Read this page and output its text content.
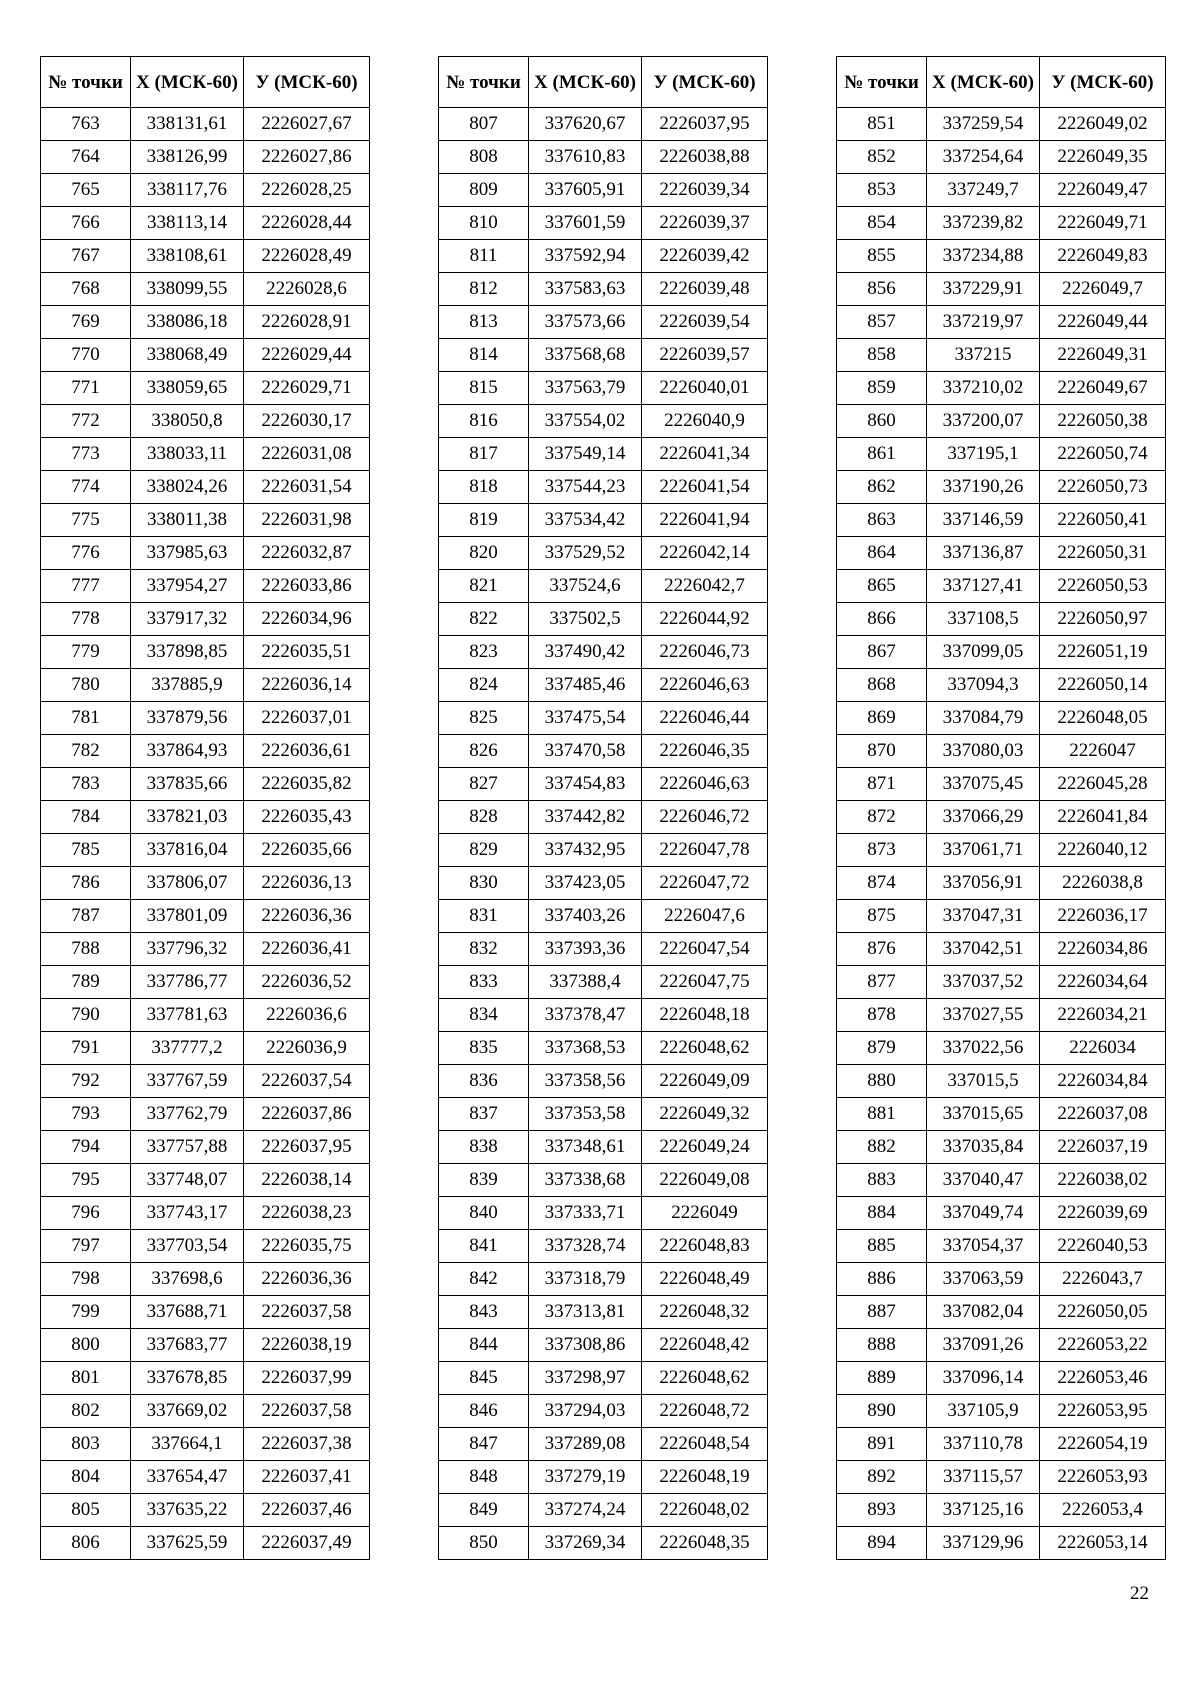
№ точки	X (МСК-60)	У (МСК-60)
763	338131,61	2226027,67
764	338126,99	2226027,86
765	338117,76	2226028,25
766	338113,14	2226028,44
767	338108,61	2226028,49
768	338099,55	2226028,6
769	338086,18	2226028,91
770	338068,49	2226029,44
771	338059,65	2226029,71
772	338050,8	2226030,17
773	338033,11	2226031,08
774	338024,26	2226031,54
775	338011,38	2226031,98
776	337985,63	2226032,87
777	337954,27	2226033,86
778	337917,32	2226034,96
779	337898,85	2226035,51
780	337885,9	2226036,14
781	337879,56	2226037,01
782	337864,93	2226036,61
783	337835,66	2226035,82
784	337821,03	2226035,43
785	337816,04	2226035,66
786	337806,07	2226036,13
787	337801,09	2226036,36
788	337796,32	2226036,41
789	337786,77	2226036,52
790	337781,63	2226036,6
791	337777,2	2226036,9
792	337767,59	2226037,54
793	337762,79	2226037,86
794	337757,88	2226037,95
795	337748,07	2226038,14
796	337743,17	2226038,23
797	337703,54	2226035,75
798	337698,6	2226036,36
799	337688,71	2226037,58
800	337683,77	2226038,19
801	337678,85	2226037,99
802	337669,02	2226037,58
803	337664,1	2226037,38
804	337654,47	2226037,41
805	337635,22	2226037,46
806	337625,59	2226037,49
№ точки	X (МСК-60)	У (МСК-60)
807	337620,67	2226037,95
808	337610,83	2226038,88
809	337605,91	2226039,34
810	337601,59	2226039,37
811	337592,94	2226039,42
812	337583,63	2226039,48
813	337573,66	2226039,54
814	337568,68	2226039,57
815	337563,79	2226040,01
816	337554,02	2226040,9
817	337549,14	2226041,34
818	337544,23	2226041,54
819	337534,42	2226041,94
820	337529,52	2226042,14
821	337524,6	2226042,7
822	337502,5	2226044,92
823	337490,42	2226046,73
824	337485,46	2226046,63
825	337475,54	2226046,44
826	337470,58	2226046,35
827	337454,83	2226046,63
828	337442,82	2226046,72
829	337432,95	2226047,78
830	337423,05	2226047,72
831	337403,26	2226047,6
832	337393,36	2226047,54
833	337388,4	2226047,75
834	337378,47	2226048,18
835	337368,53	2226048,62
836	337358,56	2226049,09
837	337353,58	2226049,32
838	337348,61	2226049,24
839	337338,68	2226049,08
840	337333,71	2226049
841	337328,74	2226048,83
842	337318,79	2226048,49
843	337313,81	2226048,32
844	337308,86	2226048,42
845	337298,97	2226048,62
846	337294,03	2226048,72
847	337289,08	2226048,54
848	337279,19	2226048,19
849	337274,24	2226048,02
850	337269,34	2226048,35
№ точки	X (МСК-60)	У (МСК-60)
851	337259,54	2226049,02
852	337254,64	2226049,35
853	337249,7	2226049,47
854	337239,82	2226049,71
855	337234,88	2226049,83
856	337229,91	2226049,7
857	337219,97	2226049,44
858	337215	2226049,31
859	337210,02	2226049,67
860	337200,07	2226050,38
861	337195,1	2226050,74
862	337190,26	2226050,73
863	337146,59	2226050,41
864	337136,87	2226050,31
865	337127,41	2226050,53
866	337108,5	2226050,97
867	337099,05	2226051,19
868	337094,3	2226050,14
869	337084,79	2226048,05
870	337080,03	2226047
871	337075,45	2226045,28
872	337066,29	2226041,84
873	337061,71	2226040,12
874	337056,91	2226038,8
875	337047,31	2226036,17
876	337042,51	2226034,86
877	337037,52	2226034,64
878	337027,55	2226034,21
879	337022,56	2226034
880	337015,5	2226034,84
881	337015,65	2226037,08
882	337035,84	2226037,19
883	337040,47	2226038,02
884	337049,74	2226039,69
885	337054,37	2226040,53
886	337063,59	2226043,7
887	337082,04	2226050,05
888	337091,26	2226053,22
889	337096,14	2226053,46
890	337105,9	2226053,95
891	337110,78	2226054,19
892	337115,57	2226053,93
893	337125,16	2226053,4
894	337129,96	2226053,14
22
